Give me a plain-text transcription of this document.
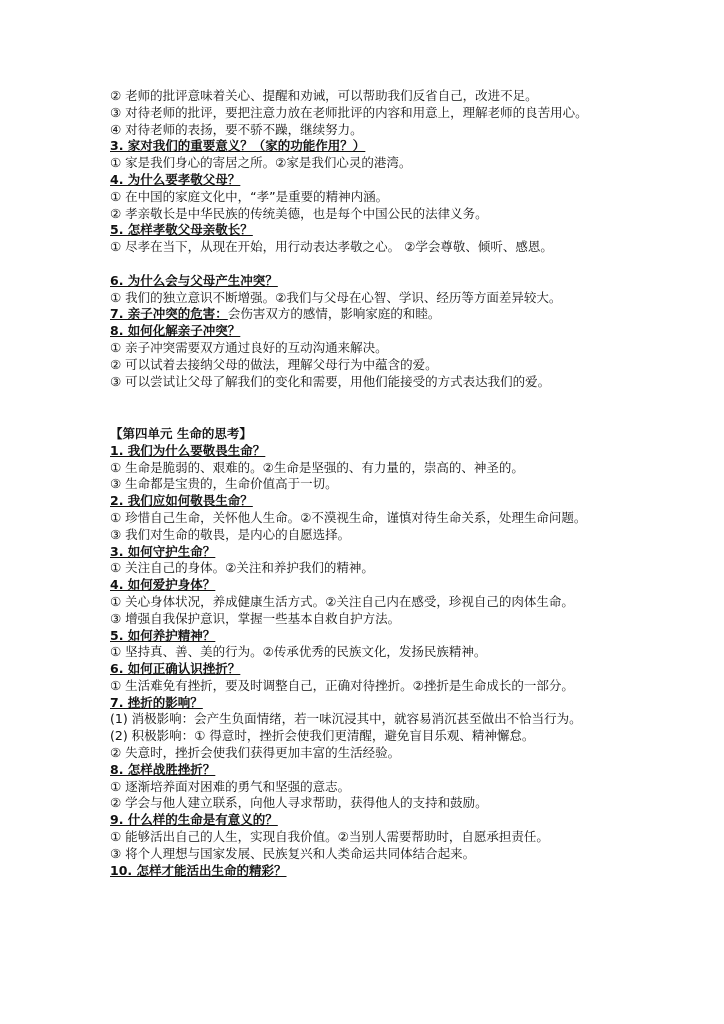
② 老师的批评意味着关心、提醒和劝诫，可以帮助我们反省自己，改进不足。
③ 对待老师的批评，要把注意力放在老师批评的内容和用意上，理解老师的良苦用心。
④ 对待老师的表扬，要不骄不躁，继续努力。
3. 家对我们的重要意义？（家的功能作用？）
① 家是我们身心的寄居之所。②家是我们心灵的港湾。
4. 为什么要孝敬父母？
① 在中国的家庭文化中，“孝”是重要的精神内涵。
② 孝亲敬长是中华民族的传统美德，也是每个中国公民的法律义务。
5. 怎样孝敬父母亲敬长？
① 尽孝在当下，从现在开始，用行动表达孝敬之心。 ②学会尊敬、倾听、感恩。
6. 为什么会与父母产生冲突？
① 我们的独立意识不断增强。②我们与父母在心智、学识、经历等方面差异较大。
7. 亲子冲突的危害：会伤害双方的感情，影响家庭的和睦。
8. 如何化解亲子冲突？
① 亲子冲突需要双方通过良好的互动沟通来解决。
② 可以试着去接纳父母的做法，理解父母行为中蕴含的爱。
③ 可以尝试让父母了解我们的变化和需要，用他们能接受的方式表达我们的爱。
【第四单元 生命的思考】
1. 我们为什么要敬畏生命？
① 生命是脆弱的、艰难的。②生命是坚强的、有力量的，崇高的、神圣的。
③ 生命都是宝贵的，生命价值高于一切。
2. 我们应如何敬畏生命？
① 珍惜自己生命，关怀他人生命。②不漠视生命，谨慎对待生命关系，处理生命问题。
③ 我们对生命的敬畏，是内心的自愿选择。
3. 如何守护生命？
① 关注自己的身体。②关注和养护我们的精神。
4. 如何爱护身体？
① 关心身体状况，养成健康生活方式。②关注自己内在感受，珍视自己的肉体生命。
③ 增强自我保护意识，掌握一些基本自救自护方法。
5. 如何养护精神？
① 坚持真、善、美的行为。②传承优秀的民族文化，发扬民族精神。
6. 如何正确认识挫折？
① 生活难免有挫折，要及时调整自己，正确对待挫折。②挫折是生命成长的一部分。
7. 挫折的影响？
(1) 消极影响：会产生负面情绪，若一味沉浸其中，就容易消沉甚至做出不恰当行为。
(2) 积极影响：① 得意时，挫折会使我们更清醒，避免盲目乐观、精神懈怠。
② 失意时，挫折会使我们获得更加丰富的生活经验。
8. 怎样战胜挫折？
① 逐渐培养面对困难的勇气和坚强的意志。
② 学会与他人建立联系，向他人寻求帮助，获得他人的支持和鼓励。
9. 什么样的生命是有意义的？
① 能够活出自己的人生，实现自我价值。②当别人需要帮助时，自愿承担责任。
③ 将个人理想与国家发展、民族复兴和人类命运共同体结合起来。
10. 怎样才能活出生命的精彩？
